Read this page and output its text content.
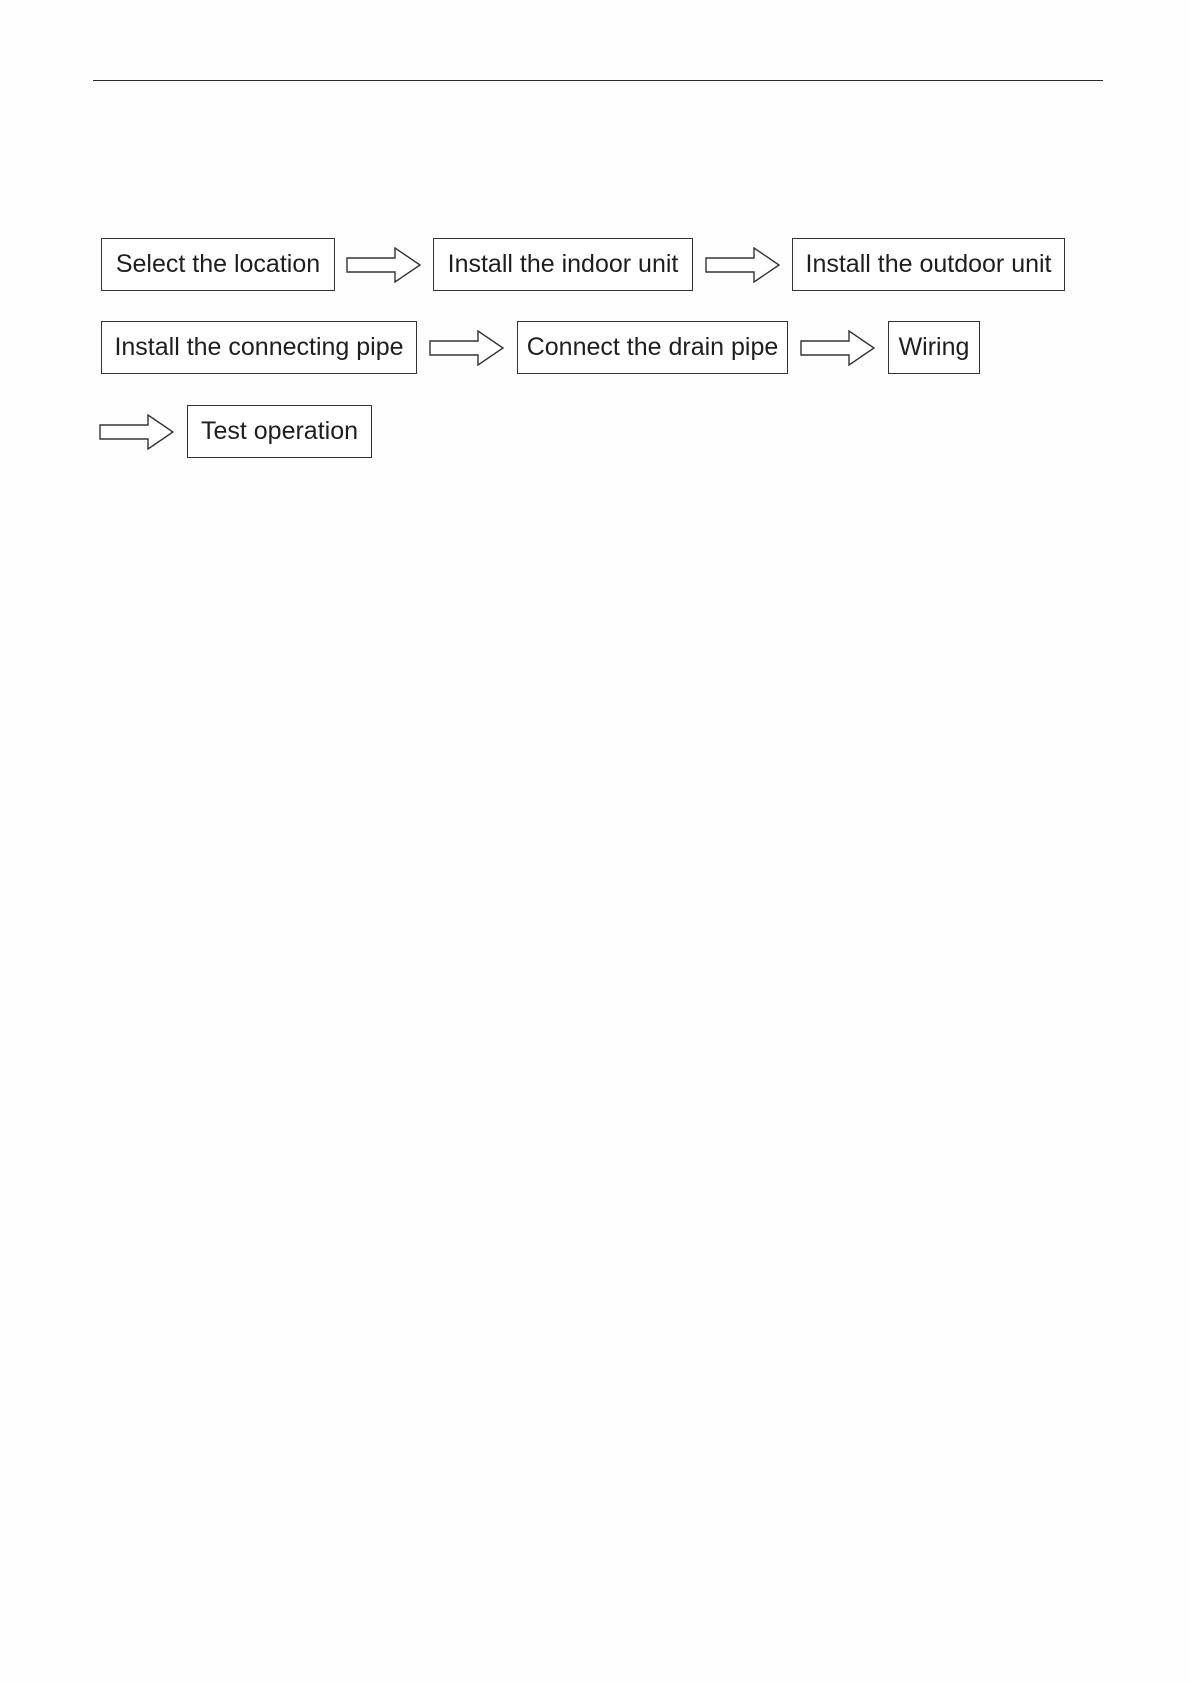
Select the location	Install the indoor unit	Install the outdoor unit
Install the connecting pipe	Connect the drain pipe	Wiring
Test operation
